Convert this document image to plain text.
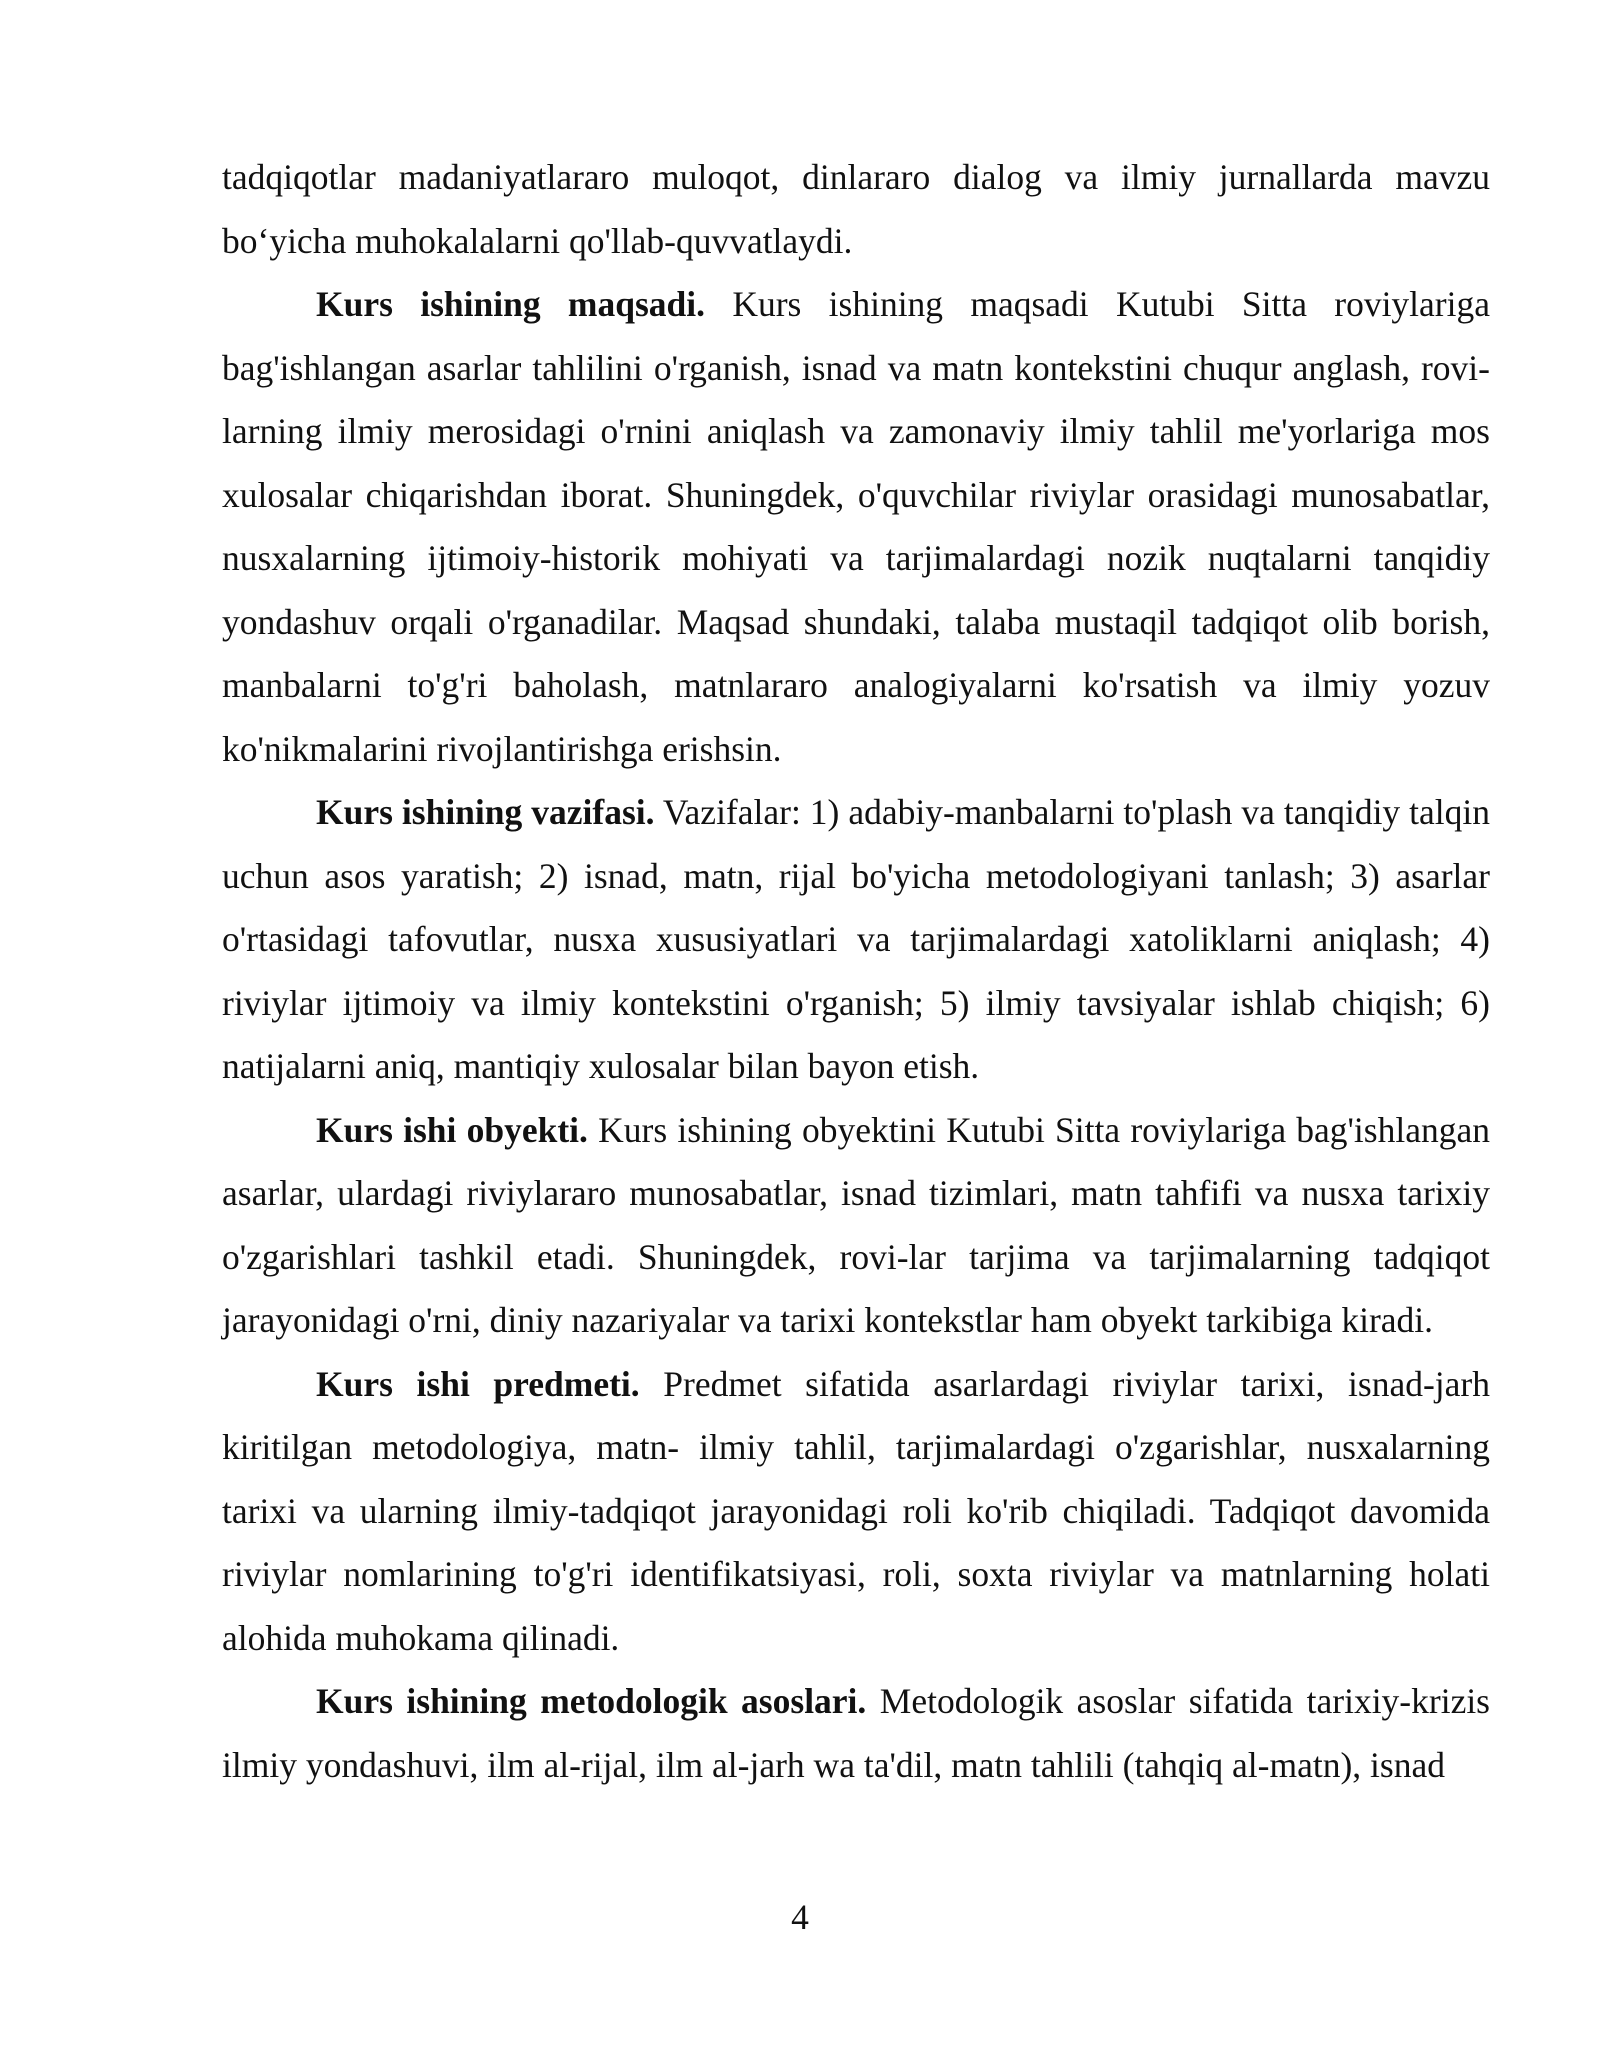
tadqiqotlar madaniyatlararo muloqot, dinlararo dialog va ilmiy jurnallarda mavzu bo‘yicha muhokalalarni qo'llab-quvvatlaydi.

Kurs ishining maqsadi. Kurs ishining maqsadi Kutubi Sitta roviylariga bag'ishlangan asarlar tahlilini o'rganish, isnad va matn kontekstini chuqur anglash, rovi-larning ilmiy merosidagi o'rnini aniqlash va zamonaviy ilmiy tahlil me'yorlariga mos xulosalar chiqarishdan iborat. Shuningdek, o'quvchilar riviylar orasidagi munosabatlar, nusxalarning ijtimoiy-historik mohiyati va tarjimalardagi nozik nuqtalarni tanqidiy yondashuv orqali o'rganadilar. Maqsad shundaki, talaba mustaqil tadqiqot olib borish, manbalarni to'g'ri baholash, matnlararo analogiyalarni ko'rsatish va ilmiy yozuv ko'nikmalarini rivojlantirishga erishsin.

Kurs ishining vazifasi. Vazifalar: 1) adabiy-manbalarni to'plash va tanqidiy talqin uchun asos yaratish; 2) isnad, matn, rijal bo'yicha metodologiyani tanlash; 3) asarlar o'rtasidagi tafovutlar, nusxa xususiyatlari va tarjimalardagi xatoliklarni aniqlash; 4) riviylar ijtimoiy va ilmiy kontekstini o'rganish; 5) ilmiy tavsiyalar ishlab chiqish; 6) natijalarni aniq, mantiqiy xulosalar bilan bayon etish.

Kurs ishi obyekti. Kurs ishining obyektini Kutubi Sitta roviylariga bag'ishlangan asarlar, ulardagi riviylararo munosabatlar, isnad tizimlari, matn tahfifi va nusxa tarixiy o'zgarishlari tashkil etadi. Shuningdek, rovi-lar tarjima va tarjimalarning tadqiqot jarayonidagi o'rni, diniy nazariyalar va tarixi kontekstlar ham obyekt tarkibiga kiradi.

Kurs ishi predmeti. Predmet sifatida asarlardagi riviylar tarixi, isnad-jarh kiritilgan metodologiya, matn- ilmiy tahlil, tarjimalardagi o'zgarishlar, nusxalarning tarixi va ularning ilmiy-tadqiqot jarayonidagi roli ko'rib chiqiladi. Tadqiqot davomida riviylar nomlarining to'g'ri identifikatsiyasi, roli, soxta riviylar va matnlarning holati alohida muhokama qilinadi.

Kurs ishining metodologik asoslari. Metodologik asoslar sifatida tarixiy-krizis ilmiy yondashuvi, ilm al-rijal, ilm al-jarh wa ta'dil, matn tahlili (tahqiq al-matn), isnad

4
